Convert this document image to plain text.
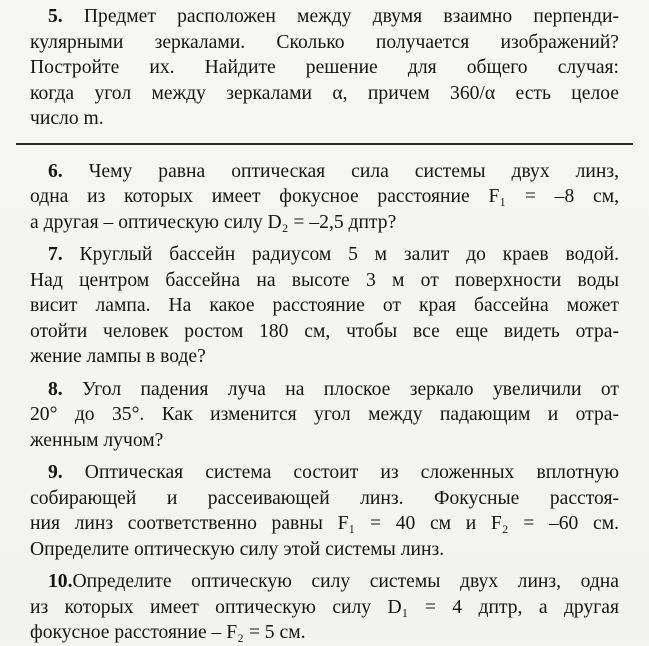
5. Предмет расположен между двумя взаимно перпенди-
кулярными зеркалами. Сколько получается изображений?
Постройте их. Найдите решение для общего случая:
когда угол между зеркалами α, причем 360/α есть целое
число m.
6. Чему равна оптическая сила системы двух линз,
одна из которых имеет фокусное расстояние F₁ = –8 см,
а другая – оптическую силу D₂ = –2,5 дптр?
7. Круглый бассейн радиусом 5 м залит до краев водой.
Над центром бассейна на высоте 3 м от поверхности воды
висит лампа. На какое расстояние от края бассейна может
отойти человек ростом 180 см, чтобы все еще видеть отра-
жение лампы в воде?
8. Угол падения луча на плоское зеркало увеличили от
20° до 35°. Как изменится угол между падающим и отра-
женным лучом?
9. Оптическая система состоит из сложенных вплотную
собирающей и рассеивающей линз. Фокусные расстоя-
ния линз соответственно равны F₁ = 40 см и F₂ = –60 см.
Определите оптическую силу этой системы линз.
10.Определите оптическую силу системы двух линз, одна
из которых имеет оптическую силу D₁ = 4 дптр, а другая
фокусное расстояние – F₂ = 5 см.
